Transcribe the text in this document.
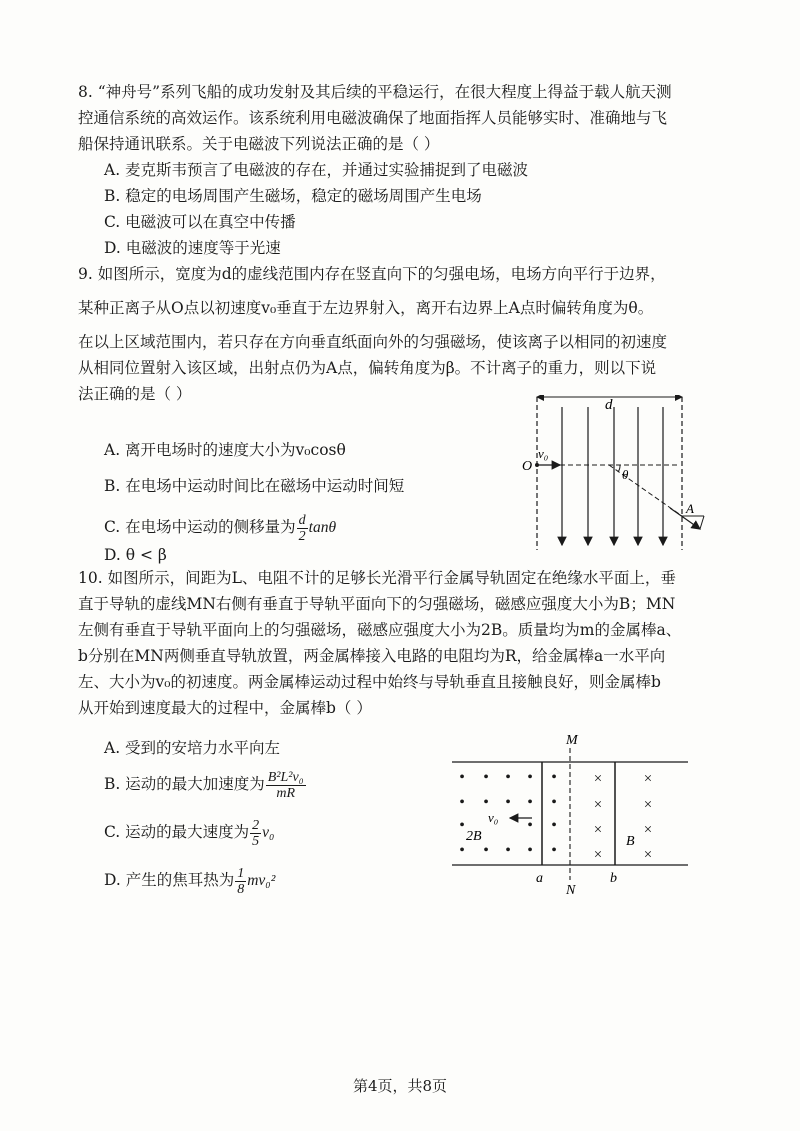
8. “神舟号”系列飞船的成功发射及其后续的平稳运行，在很大程度上得益于载人航天测
控通信系统的高效运作。该系统利用电磁波确保了地面指挥人员能够实时、准确地与飞
船保持通讯联系。关于电磁波下列说法正确的是（ ）
A. 麦克斯韦预言了电磁波的存在，并通过实验捕捉到了电磁波
B. 稳定的电场周围产生磁场，稳定的磁场周围产生电场
C. 电磁波可以在真空中传播
D. 电磁波的速度等于光速
9. 如图所示，宽度为d的虚线范围内存在竖直向下的匀强电场，电场方向平行于边界，
某种正离子从O点以初速度v₀垂直于左边界射入，离开右边界上A点时偏转角度为θ。
在以上区域范围内，若只存在方向垂直纸面向外的匀强磁场，使该离子以相同的初速度
从相同位置射入该区域，出射点仍为A点，偏转角度为β。不计离子的重力，则以下说
法正确的是（ ）
A. 离开电场时的速度大小为v₀cosθ
B. 在电场中运动时间比在磁场中运动时间短
C. 在电场中运动的侧移量为 $\frac{d}{2}$ tanθ
D. θ < β
d
v₀
O
θ
A
10. 如图所示，间距为L、电阻不计的足够长光滑平行金属导轨固定在绝缘水平面上，垂
直于导轨的虚线MN右侧有垂直于导轨平面向下的匀强磁场，磁感应强度大小为B；MN
左侧有垂直于导轨平面向上的匀强磁场，磁感应强度大小为2B。质量均为m的金属棒a、
b分别在MN两侧垂直导轨放置，两金属棒接入电路的电阻均为R，给金属棒a一水平向
左、大小为v₀的初速度。两金属棒运动过程中始终与导轨垂直且接触良好，则金属棒b
从开始到速度最大的过程中，金属棒b（ ）
A. 受到的安培力水平向左
B. 运动的最大加速度为 $\frac{\text{B²L²v₀}}{mR}$
C. 运动的最大速度为 $\frac{2}{5} v_0$
D. 产生的焦耳热为 $\frac{1}{8} mv_0^2$
M
N
a	b
• • • • •
• • • • •
•	• •
• • • • •
v₀
2B
×	×
×	×
×	×
×	×
B
第4页，共8页
